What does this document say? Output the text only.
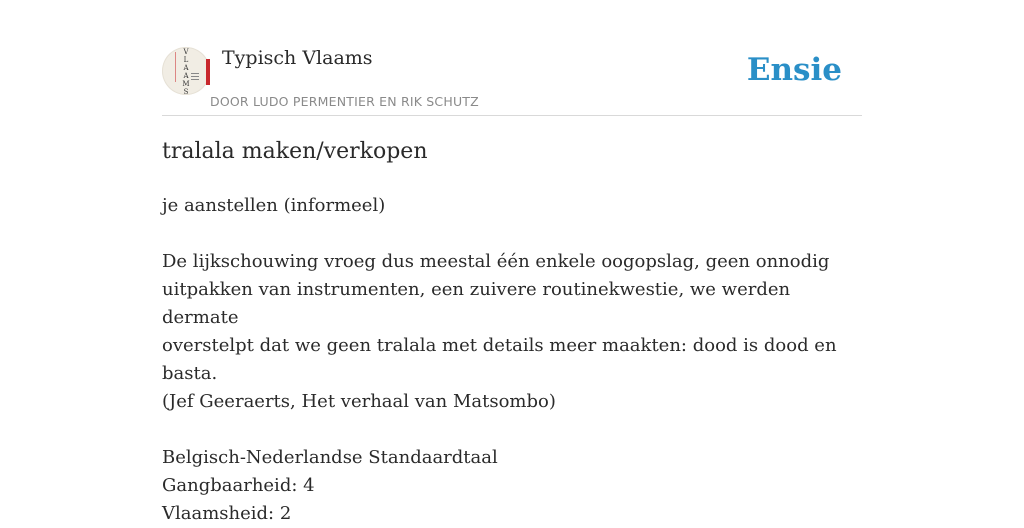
V
L
A
A
M
S
Typisch Vlaams
DOOR LUDO PERMENTIER EN RIK SCHUTZ
Ensie
tralala maken/verkopen

je aanstellen (informeel)

De lijkschouwing vroeg dus meestal één enkele oogopslag, geen onnodig

uitpakken van instrumenten, een zuivere routinekwestie, we werden dermate

overstelpt dat we geen tralala met details meer maakten: dood is dood en basta.

(Jef Geeraerts, Het verhaal van Matsombo)

Belgisch-Nederlandse Standaardtaal

Gangbaarheid: 4

Vlaamsheid: 2
